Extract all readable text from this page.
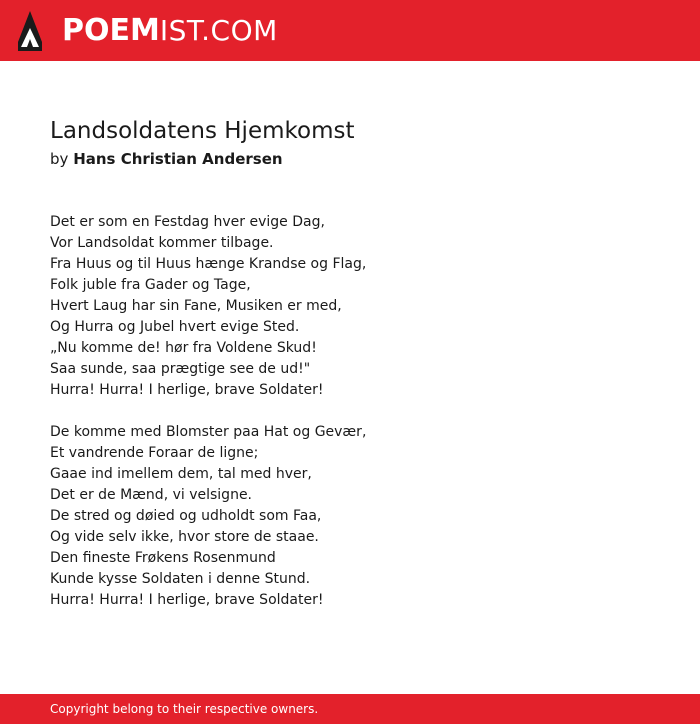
POEMIST.COM
Landsoldatens Hjemkomst
by Hans Christian Andersen
Det er som en Festdag hver evige Dag,
Vor Landsoldat kommer tilbage.
Fra Huus og til Huus hænge Krandse og Flag,
Folk juble fra Gader og Tage,
Hvert Laug har sin Fane, Musiken er med,
Og Hurra og Jubel hvert evige Sted.
„Nu komme de! hør fra Voldene Skud!
Saa sunde, saa prægtige see de ud!"
Hurra! Hurra! I herlige, brave Soldater!
De komme med Blomster paa Hat og Gevær,
Et vandrende Foraar de ligne;
Gaae ind imellem dem, tal med hver,
Det er de Mænd, vi velsigne.
De stred og døied og udholdt som Faa,
Og vide selv ikke, hvor store de staae.
Den fineste Frøkens Rosenmund
Kunde kysse Soldaten i denne Stund.
Hurra! Hurra! I herlige, brave Soldater!
Copyright belong to their respective owners.
